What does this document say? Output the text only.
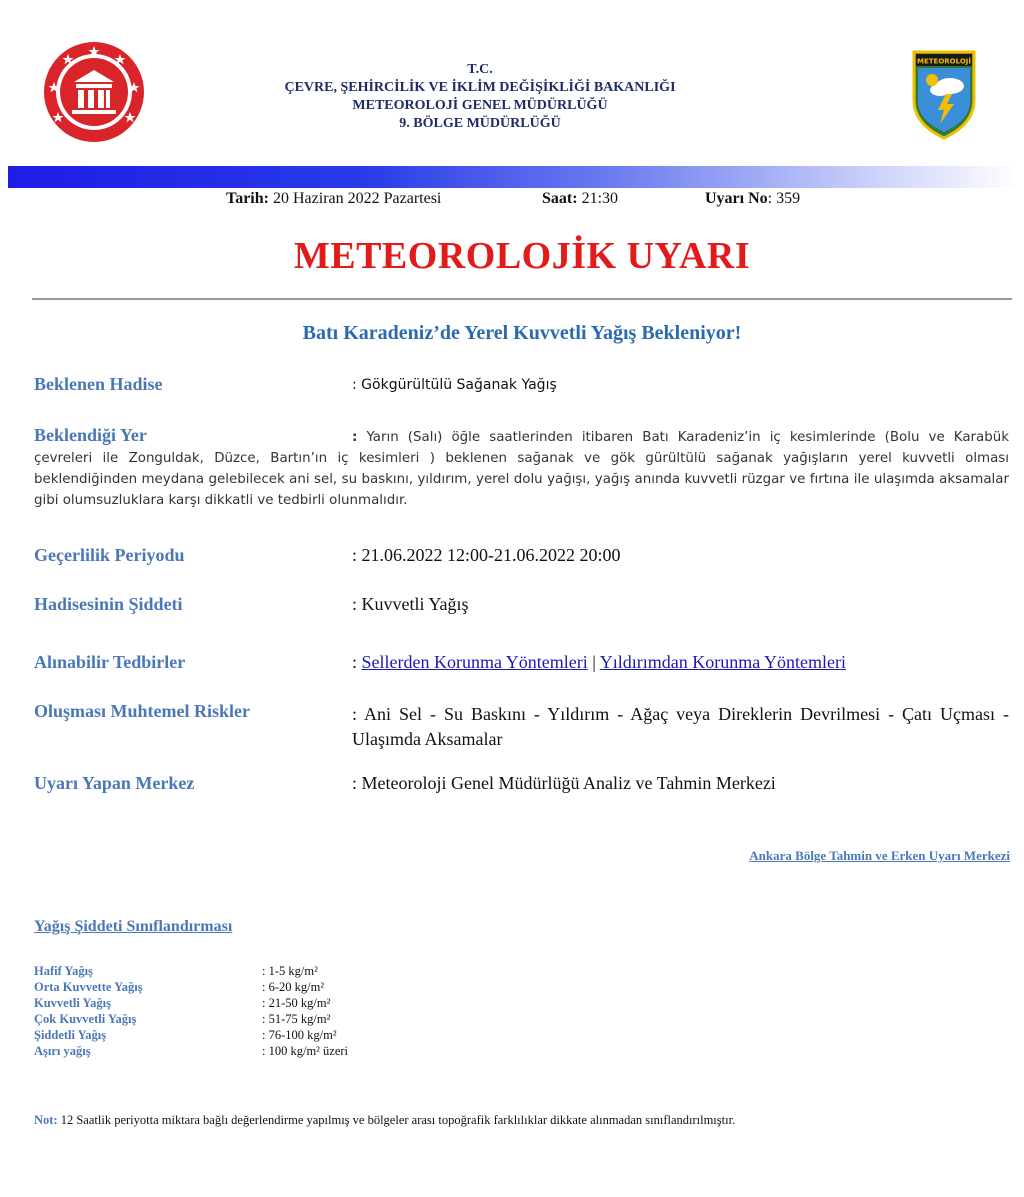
T.C.
ÇEVRE, ŞEHİRCİLİK VE İKLİM DEĞİŞİKLİĞİ BAKANLIĞI
METEOROLOJİ GENEL MÜDÜRLÜĞÜ
9. BÖLGE MÜDÜRLÜĞÜ
METEOROLOJİ
Tarih: 20 Haziran 2022 Pazartesi	Saat: 21:30	Uyarı No: 359
METEOROLOJİK UYARI
Batı Karadeniz’de Yerel Kuvvetli Yağış Bekleniyor!
Beklenen Hadise	: Gökgürültülü Sağanak Yağış
Beklendiği Yer	: Yarın (Salı) öğle saatlerinden itibaren Batı Karadeniz’in iç kesimlerinde (Bolu ve Karabük çevreleri ile Zonguldak, Düzce, Bartın’ın iç kesimleri ) beklenen sağanak ve gök gürültülü sağanak yağışların yerel kuvvetli olması beklendiğinden meydana gelebilecek ani sel, su baskını, yıldırım, yerel dolu yağışı, yağış anında kuvvetli rüzgar ve fırtına ile ulaşımda aksamalar gibi olumsuzluklara karşı dikkatli ve tedbirli olunmalıdır.
Geçerlilik Periyodu	: 21.06.2022 12:00-21.06.2022 20:00
Hadisesinin Şiddeti	: Kuvvetli Yağış
Alınabilir Tedbirler	: Sellerden Korunma Yöntemleri | Yıldırımdan Korunma Yöntemleri
Oluşması Muhtemel Riskler	: Ani Sel - Su Baskını - Yıldırım - Ağaç veya Direklerin Devrilmesi - Çatı Uçması - Ulaşımda Aksamalar
Uyarı Yapan Merkez	: Meteoroloji Genel Müdürlüğü Analiz ve Tahmin Merkezi
Ankara Bölge Tahmin ve Erken Uyarı Merkezi
Yağış Şiddeti Sınıflandırması
Hafif Yağış	: 1-5 kg/m²
Orta Kuvvette Yağış	: 6-20 kg/m²
Kuvvetli Yağış	: 21-50 kg/m²
Çok Kuvvetli Yağış	: 51-75 kg/m²
Şiddetli Yağış	: 76-100 kg/m²
Aşırı yağış	: 100 kg/m² üzeri
Not: 12 Saatlik periyotta miktara bağlı değerlendirme yapılmış ve bölgeler arası topoğrafik farklılıklar dikkate alınmadan sınıflandırılmıştır.
